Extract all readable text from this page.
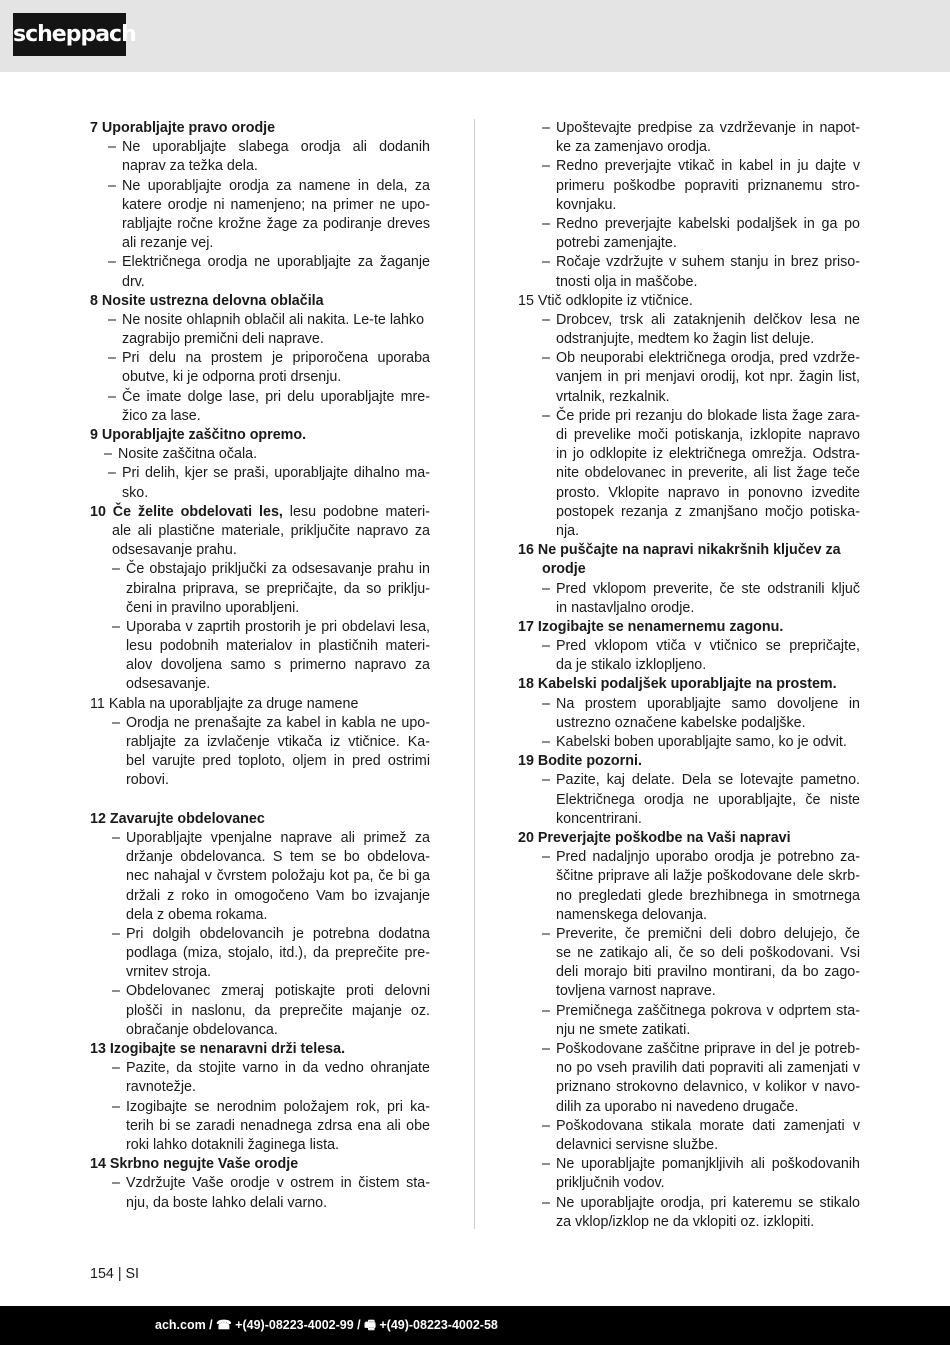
scheppach
7 Uporabljajte pravo orodje
– Ne uporabljajte slabega orodja ali dodanih
naprav za težka dela.
– Ne uporabljajte orodja za namene in dela, za
katere orodje ni namenjeno; na primer ne upo-
rabljajte ročne krožne žage za podiranje dreves
ali rezanje vej.
– Električnega orodja ne uporabljajte za žaganje
drv.
8 Nosite ustrezna delovna oblačila
– Ne nosite ohlapnih oblačil ali nakita. Le-te lahko
zagrabijo premični deli naprave.
– Pri delu na prostem je priporočena uporaba
obutve, ki je odporna proti drsenju.
– Če imate dolge lase, pri delu uporabljajte mre-
žico za lase.
9 Uporabljajte zaščitno opremo.
– Nosite zaščitna očala.
– Pri delih, kjer se praši, uporabljajte dihalno ma-
sko.
10 Če želite obdelovati les, lesu podobne materi-
ale ali plastične materiale, priključite napravo za
odsesavanje prahu.
– Če obstajajo priključki za odsesavanje prahu in
zbiralna priprava, se prepričajte, da so priklju-
čeni in pravilno uporabljeni.
– Uporaba v zaprtih prostorih je pri obdelavi lesa,
lesu podobnih materialov in plastičnih materi-
alov dovoljena samo s primerno napravo za
odsesavanje.
11 Kabla na uporabljajte za druge namene
– Orodja ne prenašajte za kabel in kabla ne upo-
rabljajte za izvlačenje vtikača iz vtičnice. Ka-
bel varujte pred toploto, oljem in pred ostrimi
robovi.
12 Zavarujte obdelovanec
– Uporabljajte vpenjalne naprave ali primež za
držanje obdelovanca. S tem se bo obdelova-
nec nahajal v čvrstem položaju kot pa, če bi ga
držali z roko in omogočeno Vam bo izvajanje
dela z obema rokama.
– Pri dolgih obdelovancih je potrebna dodatna
podlaga (miza, stojalo, itd.), da preprečite pre-
vrnitev stroja.
– Obdelovanec zmeraj potiskajte proti delovni
plošči in naslonu, da preprečite majanje oz.
obračanje obdelovanca.
13 Izogibajte se nenaravni drži telesa.
– Pazite, da stojite varno in da vedno ohranjate
ravnotežje.
– Izogibajte se nerodnim položajem rok, pri ka-
terih bi se zaradi nenadnega zdrsa ena ali obe
roki lahko dotaknili žaginega lista.
14 Skrbno negujte Vaše orodje
– Vzdržujte Vaše orodje v ostrem in čistem sta-
nju, da boste lahko delali varno.
– Upoštevajte predpise za vzdrževanje in napot-
ke za zamenjavo orodja.
– Redno preverjajte vtikač in kabel in ju dajte v
primeru poškodbe popraviti priznanemu stro-
kovnjaku.
– Redno preverjajte kabelski podaljšek in ga po
potrebi zamenjajte.
– Ročaje vzdržujte v suhem stanju in brez priso-
tnosti olja in maščobe.
15 Vtič odklopite iz vtičnice.
– Drobcev, trsk ali zataknjenih delčkov lesa ne
odstranjujte, medtem ko žagin list deluje.
– Ob neuporabi električnega orodja, pred vzdrže-
vanjem in pri menjavi orodij, kot npr. žagin list,
vrtalnik, rezkalnik.
– Če pride pri rezanju do blokade lista žage zara-
di prevelike moči potiskanja, izklopite napravo
in jo odklopite iz električnega omrežja. Odstra-
nite obdelovanec in preverite, ali list žage teče
prosto. Vklopite napravo in ponovno izvedite
postopek rezanja z zmanjšano močjo potiska-
nja.
16 Ne puščajte na napravi nikakršnih ključev za
orodje
– Pred vklopom preverite, če ste odstranili ključ
in nastavljalno orodje.
17 Izogibajte se nenamernemu zagonu.
– Pred vklopom vtiča v vtičnico se prepričajte,
da je stikalo izklopljeno.
18 Kabelski podaljšek uporabljajte na prostem.
– Na prostem uporabljajte samo dovoljene in
ustrezno označene kabelske podaljške.
– Kabelski boben uporabljajte samo, ko je odvit.
19 Bodite pozorni.
– Pazite, kaj delate. Dela se lotevajte pametno.
Električnega orodja ne uporabljajte, če niste
koncentrirani.
20 Preverjajte poškodbe na Vaši napravi
– Pred nadaljnjo uporabo orodja je potrebno za-
ščitne priprave ali lažje poškodovane dele skrb-
no pregledati glede brezhibnega in smotrnega
namenskega delovanja.
– Preverite, če premični deli dobro delujejo, če
se ne zatikajo ali, če so deli poškodovani. Vsi
deli morajo biti pravilno montirani, da bo zago-
tovljena varnost naprave.
– Premičnega zaščitnega pokrova v odprtem sta-
nju ne smete zatikati.
– Poškodovane zaščitne priprave in del je potreb-
no po vseh pravilih dati popraviti ali zamenjati v
priznano strokovno delavnico, v kolikor v navo-
dilih za uporabo ni navedeno drugače.
– Poškodovana stikala morate dati zamenjati v
delavnici servisne službe.
– Ne uporabljajte pomanjkljivih ali poškodovanih
priključnih vodov.
– Ne uporabljajte orodja, pri kateremu se stikalo
za vklop/izklop ne da vklopiti oz. izklopiti.
154 | SI
ach.com / ☎ +(49)-08223-4002-99 / 🖷 +(49)-08223-4002-58
